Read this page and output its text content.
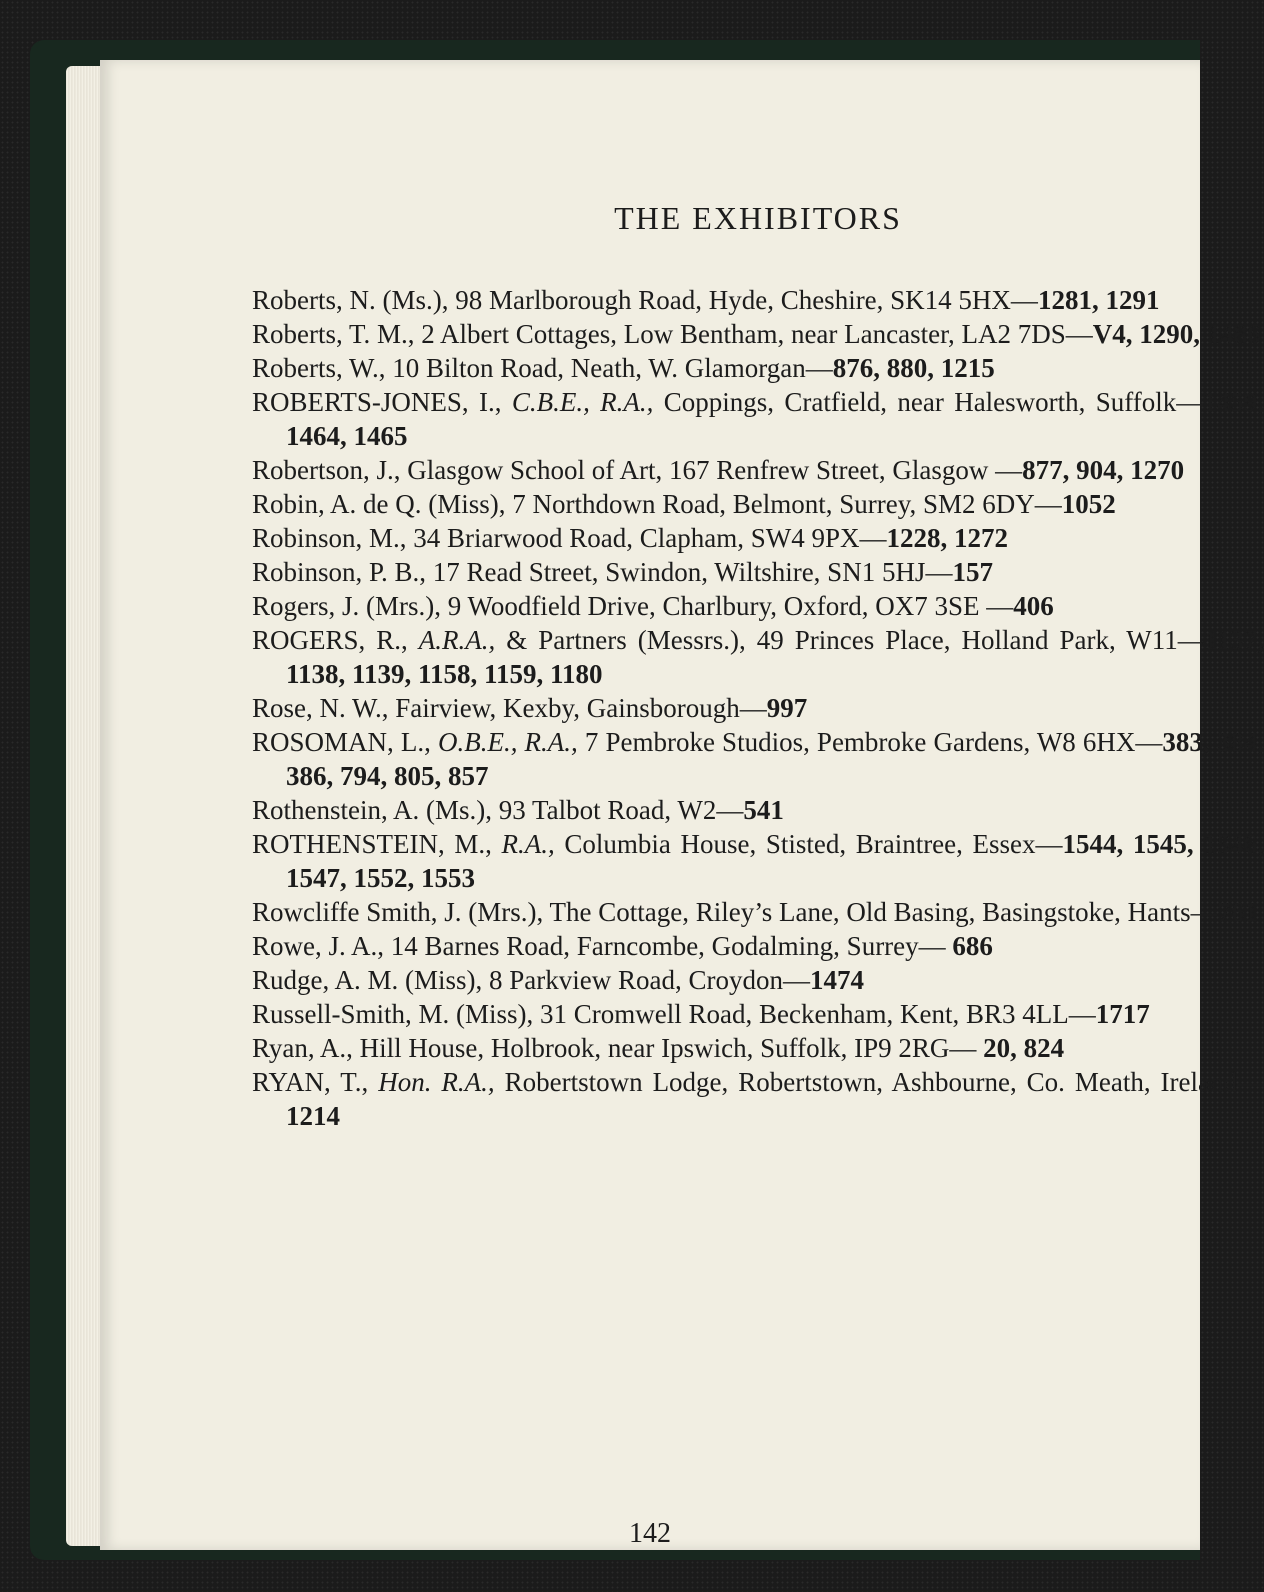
THE EXHIBITORS

Roberts, N. (Ms.), 98 Marlborough Road, Hyde, Cheshire, SK14 5HX—1281, 1291

Roberts, T. M., 2 Albert Cottages, Low Bentham, near Lancaster, LA2 7DS—V4, 1290, 1486

Roberts, W., 10 Bilton Road, Neath, W. Glamorgan—876, 880, 1215

ROBERTS-JONES, I., C.B.E., R.A., Coppings, Cratfield, near Halesworth, Suffolk—1459, 1464, 1465

Robertson, J., Glasgow School of Art, 167 Renfrew Street, Glasgow —877, 904, 1270

Robin, A. de Q. (Miss), 7 Northdown Road, Belmont, Surrey, SM2 6DY—1052

Robinson, M., 34 Briarwood Road, Clapham, SW4 9PX—1228, 1272

Robinson, P. B., 17 Read Street, Swindon, Wiltshire, SN1 5HJ—157

Rogers, J. (Mrs.), 9 Woodfield Drive, Charlbury, Oxford, OX7 3SE —406

ROGERS, R., A.R.A., & Partners (Messrs.), 49 Princes Place, Holland Park, W11—1137, 1138, 1139, 1158, 1159, 1180

Rose, N. W., Fairview, Kexby, Gainsborough—997

ROSOMAN, L., O.B.E., R.A., 7 Pembroke Studios, Pembroke Gardens, W8 6HX—383, 384, 386, 794, 805, 857

Rothenstein, A. (Ms.), 93 Talbot Road, W2—541

ROTHENSTEIN, M., R.A., Columbia House, Stisted, Braintree, Essex—1544, 1545, 1546, 1547, 1552, 1553

Rowcliffe Smith, J. (Mrs.), The Cottage, Riley’s Lane, Old Basing, Basingstoke, Hants—761

Rowe, J. A., 14 Barnes Road, Farncombe, Godalming, Surrey— 686

Rudge, A. M. (Miss), 8 Parkview Road, Croydon—1474

Russell-Smith, M. (Miss), 31 Cromwell Road, Beckenham, Kent, BR3 4LL—1717

Ryan, A., Hill House, Holbrook, near Ipswich, Suffolk, IP9 2RG— 20, 824

RYAN, T., Hon. R.A., Robertstown Lodge, Robertstown, Ashbourne, Co. Meath, Ireland—1214

142
